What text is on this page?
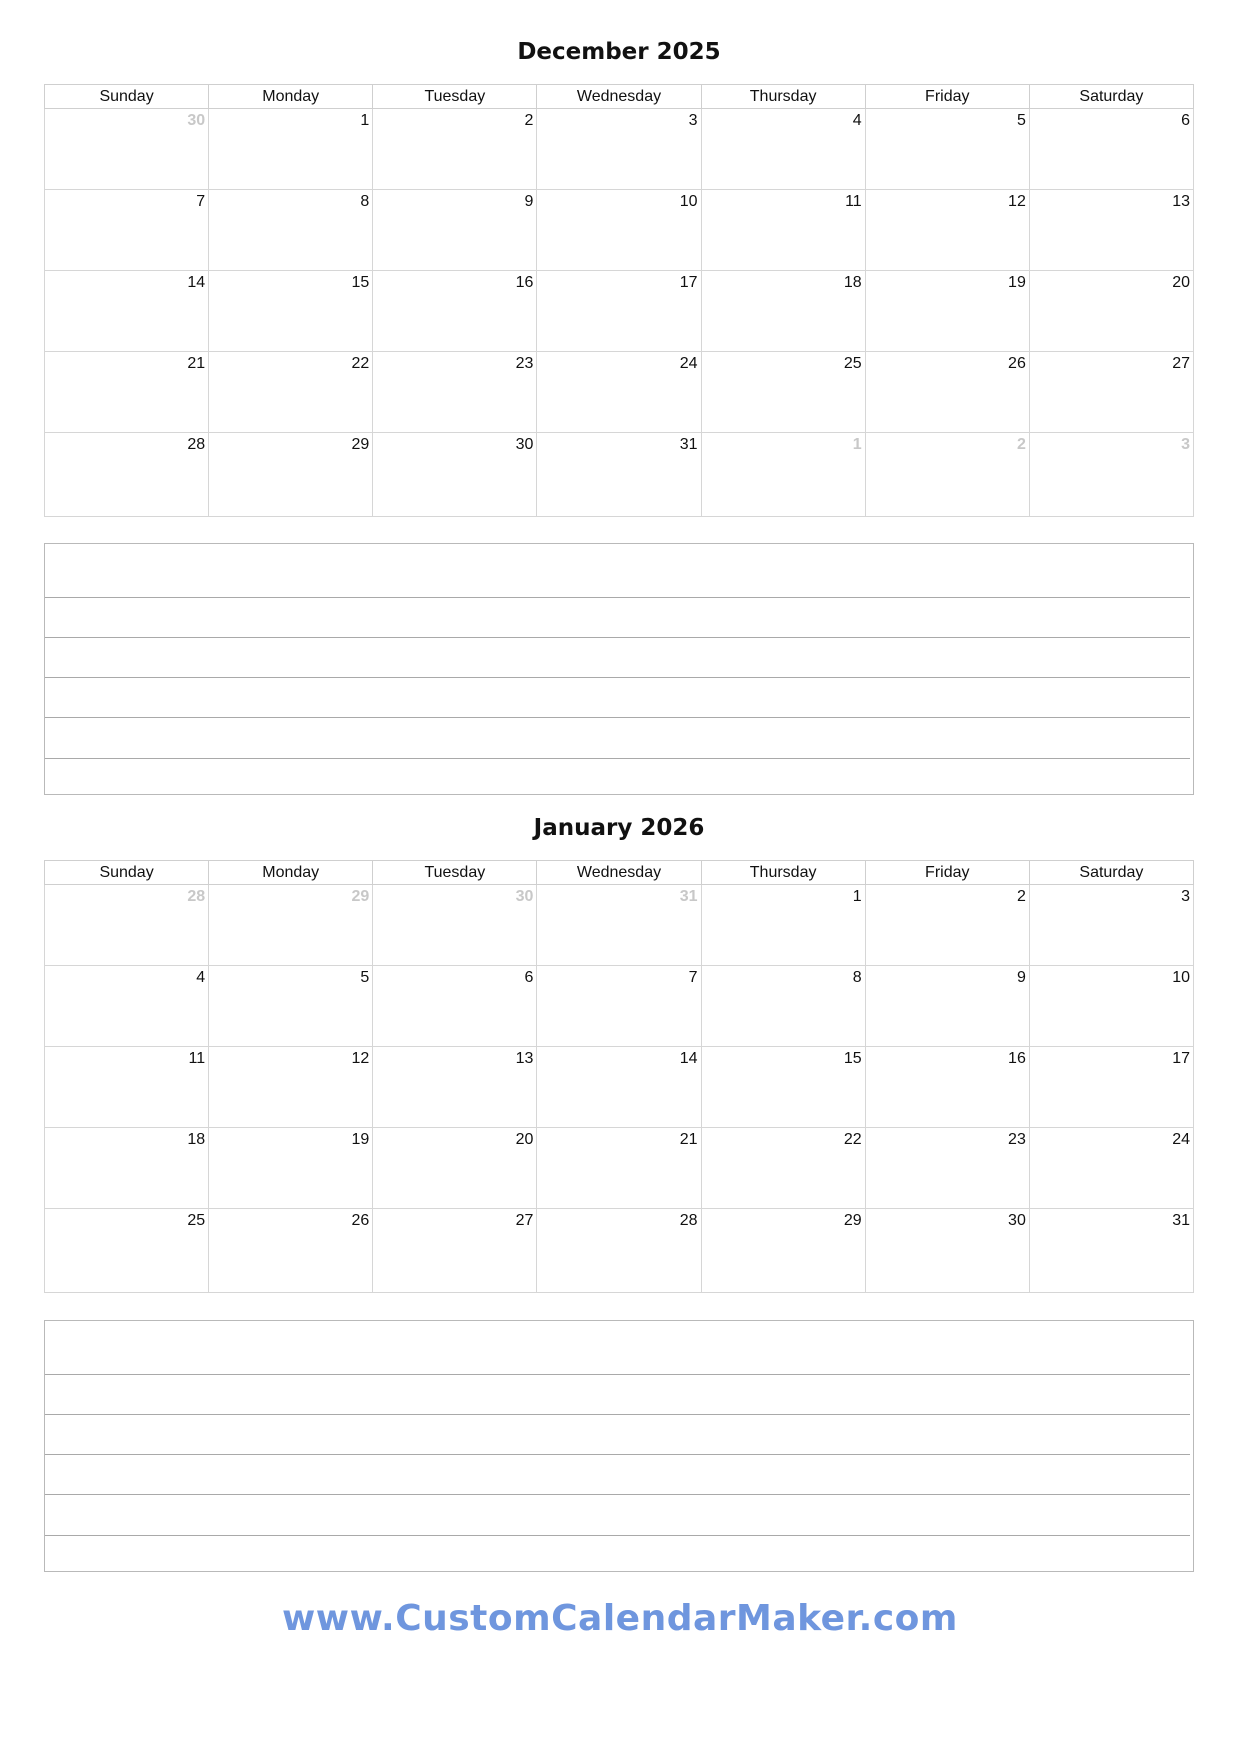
December 2025
Sunday	Monday	Tuesday	Wednesday	Thursday	Friday	Saturday
30	1	2	3	4	5	6
7	8	9	10	11	12	13
14	15	16	17	18	19	20
21	22	23	24	25	26	27
28	29	30	31	1	2	3
January 2026
Sunday	Monday	Tuesday	Wednesday	Thursday	Friday	Saturday
28	29	30	31	1	2	3
4	5	6	7	8	9	10
11	12	13	14	15	16	17
18	19	20	21	22	23	24
25	26	27	28	29	30	31
www.CustomCalendarMaker.com
